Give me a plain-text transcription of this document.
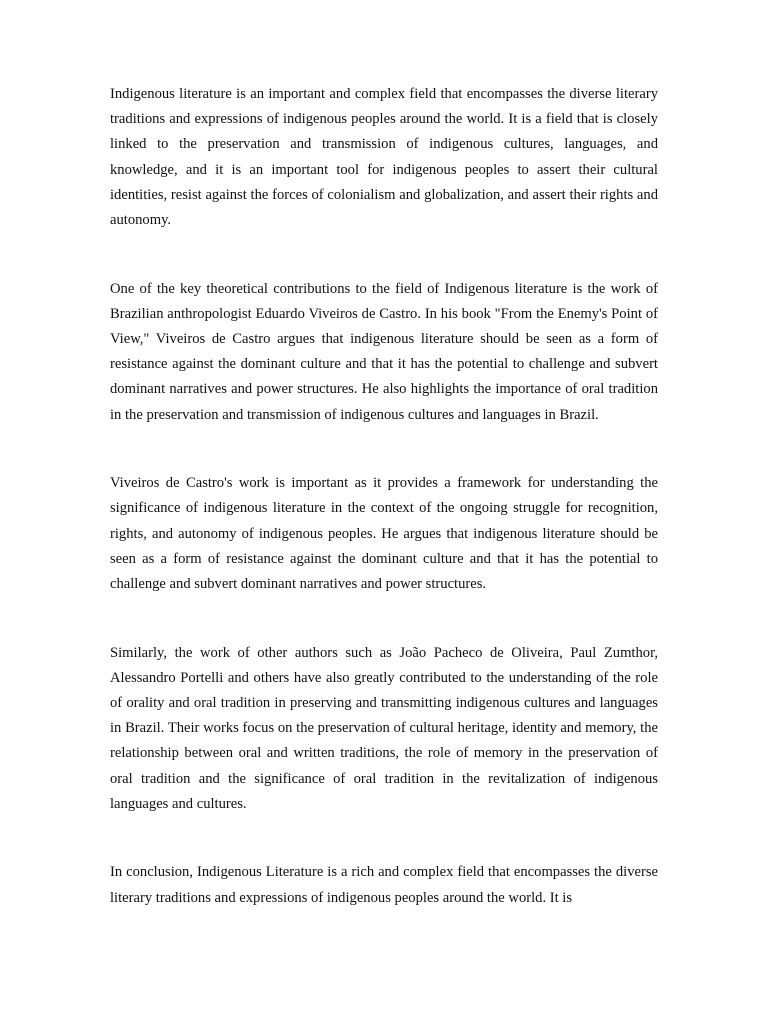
Indigenous literature is an important and complex field that encompasses the diverse literary traditions and expressions of indigenous peoples around the world. It is a field that is closely linked to the preservation and transmission of indigenous cultures, languages, and knowledge, and it is an important tool for indigenous peoples to assert their cultural identities, resist against the forces of colonialism and globalization, and assert their rights and autonomy.

One of the key theoretical contributions to the field of Indigenous literature is the work of Brazilian anthropologist Eduardo Viveiros de Castro. In his book "From the Enemy's Point of View," Viveiros de Castro argues that indigenous literature should be seen as a form of resistance against the dominant culture and that it has the potential to challenge and subvert dominant narratives and power structures. He also highlights the importance of oral tradition in the preservation and transmission of indigenous cultures and languages in Brazil.

Viveiros de Castro's work is important as it provides a framework for understanding the significance of indigenous literature in the context of the ongoing struggle for recognition, rights, and autonomy of indigenous peoples. He argues that indigenous literature should be seen as a form of resistance against the dominant culture and that it has the potential to challenge and subvert dominant narratives and power structures.

Similarly, the work of other authors such as João Pacheco de Oliveira, Paul Zumthor, Alessandro Portelli and others have also greatly contributed to the understanding of the role of orality and oral tradition in preserving and transmitting indigenous cultures and languages in Brazil. Their works focus on the preservation of cultural heritage, identity and memory, the relationship between oral and written traditions, the role of memory in the preservation of oral tradition and the significance of oral tradition in the revitalization of indigenous languages and cultures.

In conclusion, Indigenous Literature is a rich and complex field that encompasses the diverse literary traditions and expressions of indigenous peoples around the world. It is
